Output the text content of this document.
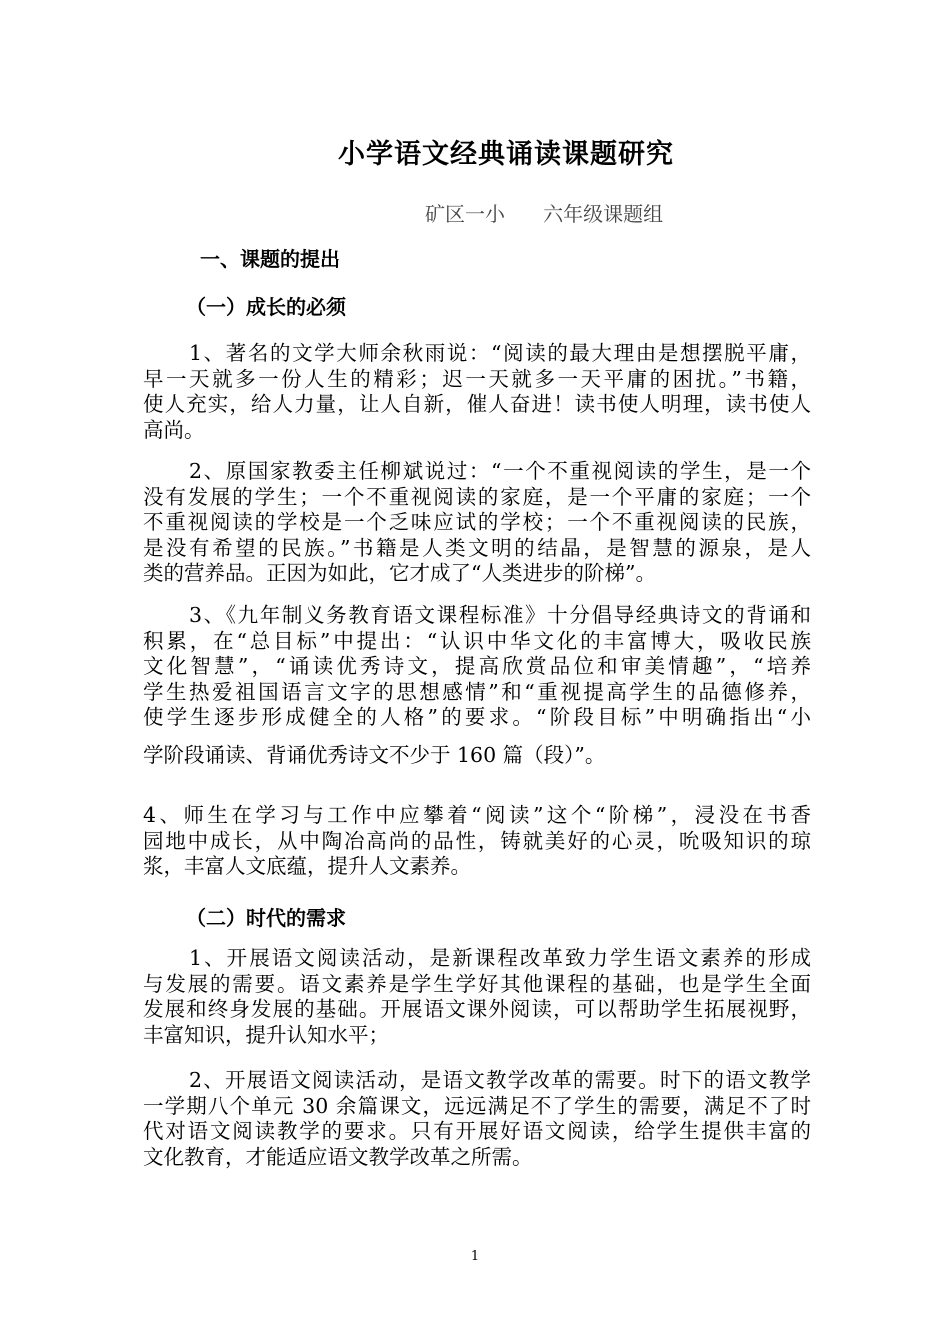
小学语文经典诵读课题研究
矿区一小      六年级课题组
一、课题的提出
（一）成长的必须
1、著名的文学大师余秋雨说：“阅读的最大理由是想摆脱平庸，
早一天就多一份人生的精彩；迟一天就多一天平庸的困扰。”书籍，
使人充实，给人力量，让人自新，催人奋进！读书使人明理，读书使人
高尚。
2、原国家教委主任柳斌说过：“一个不重视阅读的学生，是一个
没有发展的学生；一个不重视阅读的家庭，是一个平庸的家庭；一个
不重视阅读的学校是一个乏味应试的学校；一个不重视阅读的民族，
是没有希望的民族。”书籍是人类文明的结晶，是智慧的源泉，是人
类的营养品。正因为如此，它才成了“人类进步的阶梯”。
3、《九年制义务教育语文课程标准》十分倡导经典诗文的背诵和
积累，在“总目标”中提出：“认识中华文化的丰富博大，吸收民族
文化智慧”，“诵读优秀诗文，提高欣赏品位和审美情趣”，“培养
学生热爱祖国语言文字的思想感情”和“重视提高学生的品德修养，
使学生逐步形成健全的人格”的要求。“阶段目标”中明确指出“小
学阶段诵读、背诵优秀诗文不少于 160 篇（段）”。
4、师生在学习与工作中应攀着“阅读”这个“阶梯”，浸没在书香
园地中成长，从中陶冶高尚的品性，铸就美好的心灵，吮吸知识的琼
浆，丰富人文底蕴，提升人文素养。
（二）时代的需求
1、开展语文阅读活动，是新课程改革致力学生语文素养的形成
与发展的需要。语文素养是学生学好其他课程的基础，也是学生全面
发展和终身发展的基础。开展语文课外阅读，可以帮助学生拓展视野，
丰富知识，提升认知水平；
2、开展语文阅读活动，是语文教学改革的需要。时下的语文教学
一学期八个单元 30 余篇课文，远远满足不了学生的需要，满足不了时
代对语文阅读教学的要求。只有开展好语文阅读，给学生提供丰富的
文化教育，才能适应语文教学改革之所需。
1
